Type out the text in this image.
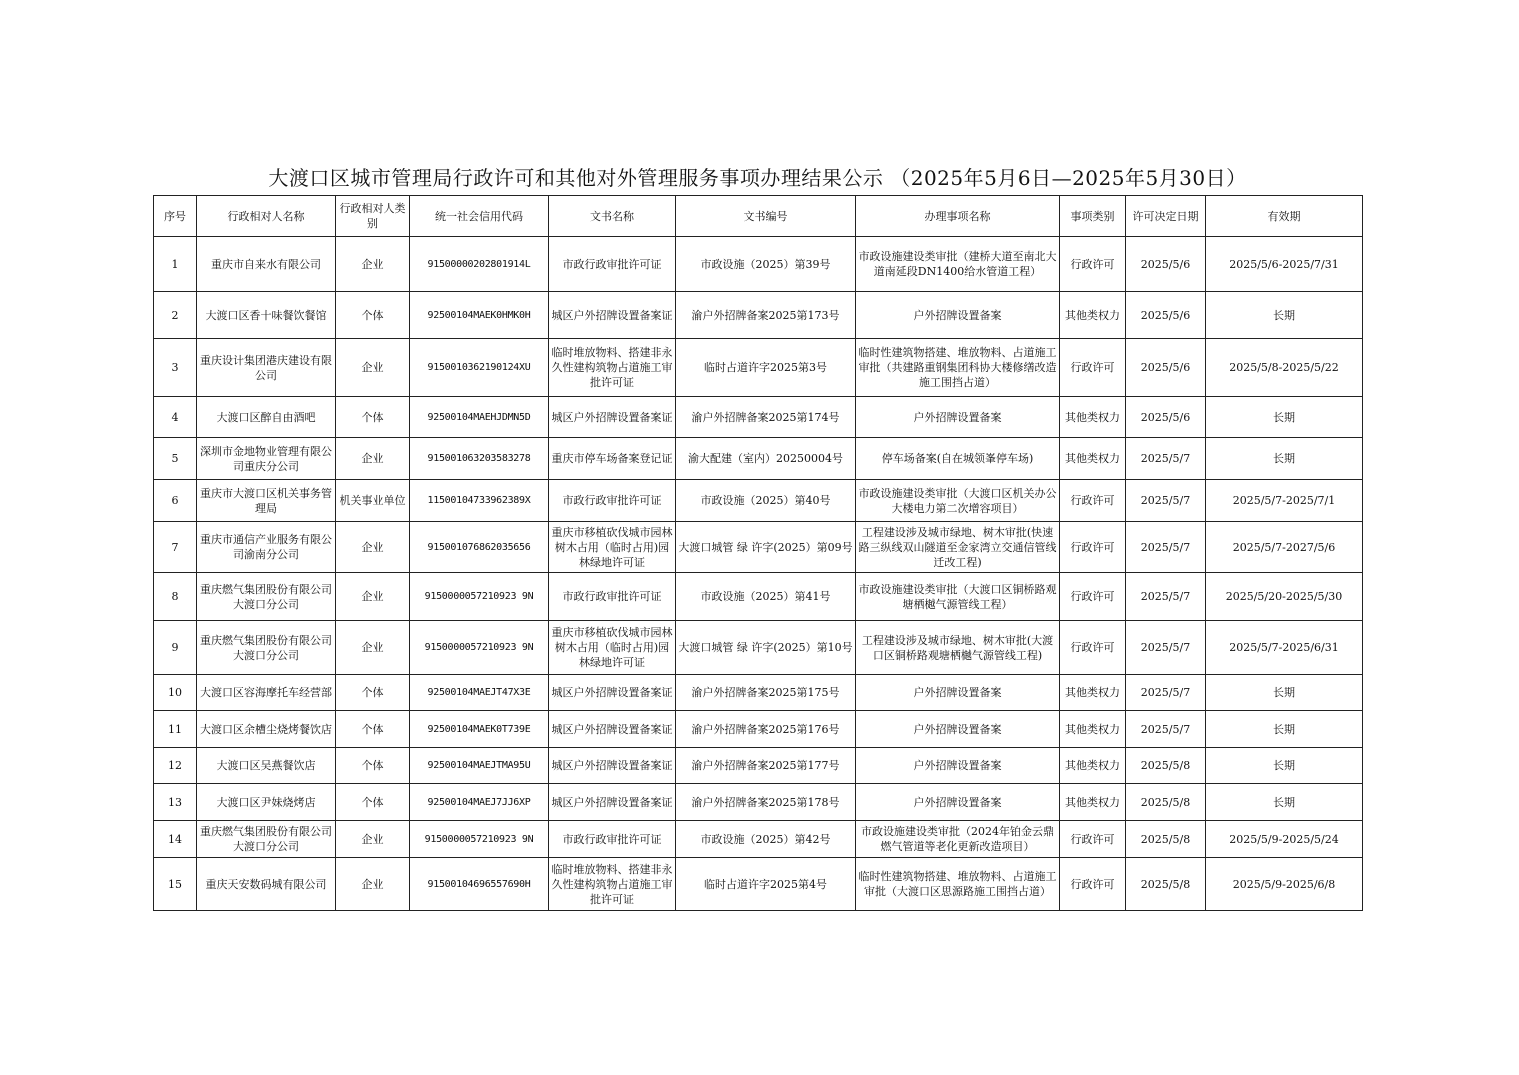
大渡口区城市管理局行政许可和其他对外管理服务事项办理结果公示 （2025年5月6日—2025年5月30日）
序号	行政相对人名称	行政相对人类别	统一社会信用代码	文书名称	文书编号	办理事项名称	事项类别	许可决定日期	有效期
1	重庆市自来水有限公司	企业	91500000202801914L	市政行政审批许可证	市政设施（2025）第39号	市政设施建设类审批（建桥大道至南北大道南延段DN1400给水管道工程）	行政许可	2025/5/6	2025/5/6-2025/7/31
2	大渡口区香十味餐饮餐馆	个体	92500104MAEK0HMK0H	城区户外招牌设置备案证	渝户外招牌备案2025第173号	户外招牌设置备案	其他类权力	2025/5/6	长期
3	重庆设计集团港庆建设有限公司	企业	9150010362190124XU	临时堆放物料、搭建非永久性建构筑物占道施工审批许可证	临时占道许字2025第3号	临时性建筑物搭建、堆放物料、占道施工审批（共建路重钢集团科协大楼修缮改造施工围挡占道）	行政许可	2025/5/6	2025/5/8-2025/5/22
4	大渡口区醉自由酒吧	个体	92500104MAEHJDMN5D	城区户外招牌设置备案证	渝户外招牌备案2025第174号	户外招牌设置备案	其他类权力	2025/5/6	长期
5	深圳市金地物业管理有限公司重庆分公司	企业	915001063203583278	重庆市停车场备案登记证	渝大配建（室内）20250004号	停车场备案(自在城领峯停车场)	其他类权力	2025/5/7	长期
6	重庆市大渡口区机关事务管理局	机关事业单位	11500104733962389X	市政行政审批许可证	市政设施（2025）第40号	市政设施建设类审批（大渡口区机关办公大楼电力第二次增容项目）	行政许可	2025/5/7	2025/5/7-2025/7/1
7	重庆市通信产业服务有限公司渝南分公司	企业	915001076862035656	重庆市移植砍伐城市园林树木占用（临时占用)园林绿地许可证	大渡口城管 绿 许字(2025）第09号	工程建设涉及城市绿地、树木审批(快速路三纵线双山隧道至金家湾立交通信管线迁改工程)	行政许可	2025/5/7	2025/5/7-2027/5/6
8	重庆燃气集团股份有限公司大渡口分公司	企业	9150000057210923 9N	市政行政审批许可证	市政设施（2025）第41号	市政设施建设类审批（大渡口区铜桥路观塘栖樾气源管线工程）	行政许可	2025/5/7	2025/5/20-2025/5/30
9	重庆燃气集团股份有限公司大渡口分公司	企业	9150000057210923 9N	重庆市移植砍伐城市园林树木占用（临时占用)园林绿地许可证	大渡口城管 绿 许字(2025）第10号	工程建设涉及城市绿地、树木审批(大渡口区铜桥路观塘栖樾气源管线工程)	行政许可	2025/5/7	2025/5/7-2025/6/31
10	大渡口区容海摩托车经营部	个体	92500104MAEJT47X3E	城区户外招牌设置备案证	渝户外招牌备案2025第175号	户外招牌设置备案	其他类权力	2025/5/7	长期
11	大渡口区余槽尘烧烤餐饮店	个体	92500104MAEK0T739E	城区户外招牌设置备案证	渝户外招牌备案2025第176号	户外招牌设置备案	其他类权力	2025/5/7	长期
12	大渡口区吴燕餐饮店	个体	92500104MAEJTMA95U	城区户外招牌设置备案证	渝户外招牌备案2025第177号	户外招牌设置备案	其他类权力	2025/5/8	长期
13	大渡口区尹妹烧烤店	个体	92500104MAEJ7JJ6XP	城区户外招牌设置备案证	渝户外招牌备案2025第178号	户外招牌设置备案	其他类权力	2025/5/8	长期
14	重庆燃气集团股份有限公司大渡口分公司	企业	9150000057210923 9N	市政行政审批许可证	市政设施（2025）第42号	市政设施建设类审批（2024年铂金云鼎燃气管道等老化更新改造项目）	行政许可	2025/5/8	2025/5/9-2025/5/24
15	重庆天安数码城有限公司	企业	91500104696557690H	临时堆放物料、搭建非永久性建构筑物占道施工审批许可证	临时占道许字2025第4号	临时性建筑物搭建、堆放物料、占道施工审批（大渡口区思源路施工围挡占道）	行政许可	2025/5/8	2025/5/9-2025/6/8
